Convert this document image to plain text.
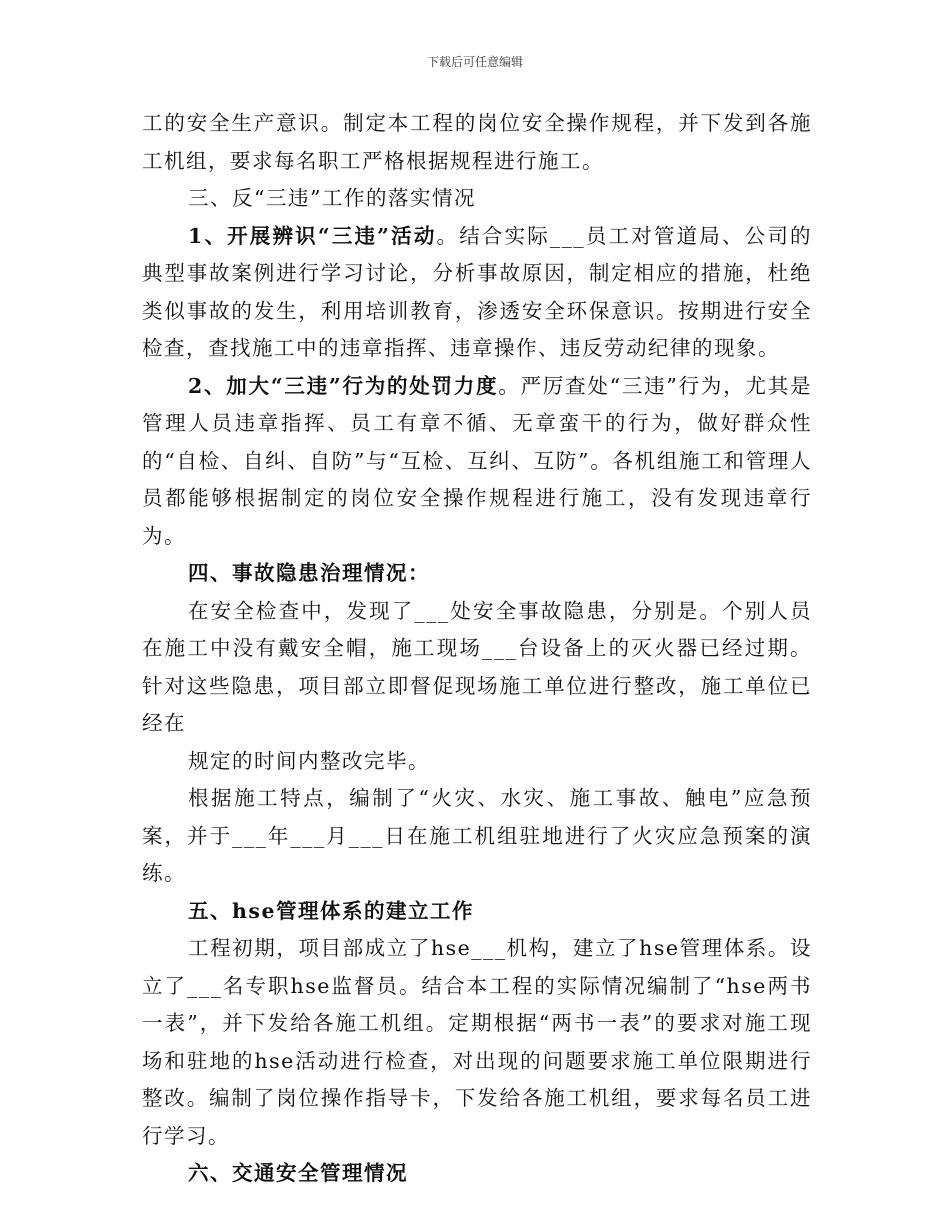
下载后可任意编辑

工的安全生产意识。制定本工程的岗位安全操作规程，并下发到各施工机组，要求每名职工严格根据规程进行施工。

三、反“三违”工作的落实情况

1、开展辨识“三违”活动。结合实际___员工对管道局、公司的典型事故案例进行学习讨论，分析事故原因，制定相应的措施，杜绝类似事故的发生，利用培训教育，渗透安全环保意识。按期进行安全检查，查找施工中的违章指挥、违章操作、违反劳动纪律的现象。

2、加大“三违”行为的处罚力度。严厉查处“三违”行为，尤其是管理人员违章指挥、员工有章不循、无章蛮干的行为，做好群众性的“自检、自纠、自防”与“互检、互纠、互防”。各机组施工和管理人员都能够根据制定的岗位安全操作规程进行施工，没有发现违章行为。

四、事故隐患治理情况：

在安全检查中，发现了___处安全事故隐患，分别是。个别人员在施工中没有戴安全帽，施工现场___台设备上的灭火器已经过期。针对这些隐患，项目部立即督促现场施工单位进行整改，施工单位已经在

规定的时间内整改完毕。

根据施工特点，编制了“火灾、水灾、施工事故、触电”应急预案，并于___年___月___日在施工机组驻地进行了火灾应急预案的演练。

五、hse管理体系的建立工作

工程初期，项目部成立了hse___机构，建立了hse管理体系。设立了___名专职hse监督员。结合本工程的实际情况编制了“hse两书一表”，并下发给各施工机组。定期根据“两书一表”的要求对施工现场和驻地的hse活动进行检查，对出现的问题要求施工单位限期进行整改。编制了岗位操作指导卡，下发给各施工机组，要求每名员工进行学习。

六、交通安全管理情况
